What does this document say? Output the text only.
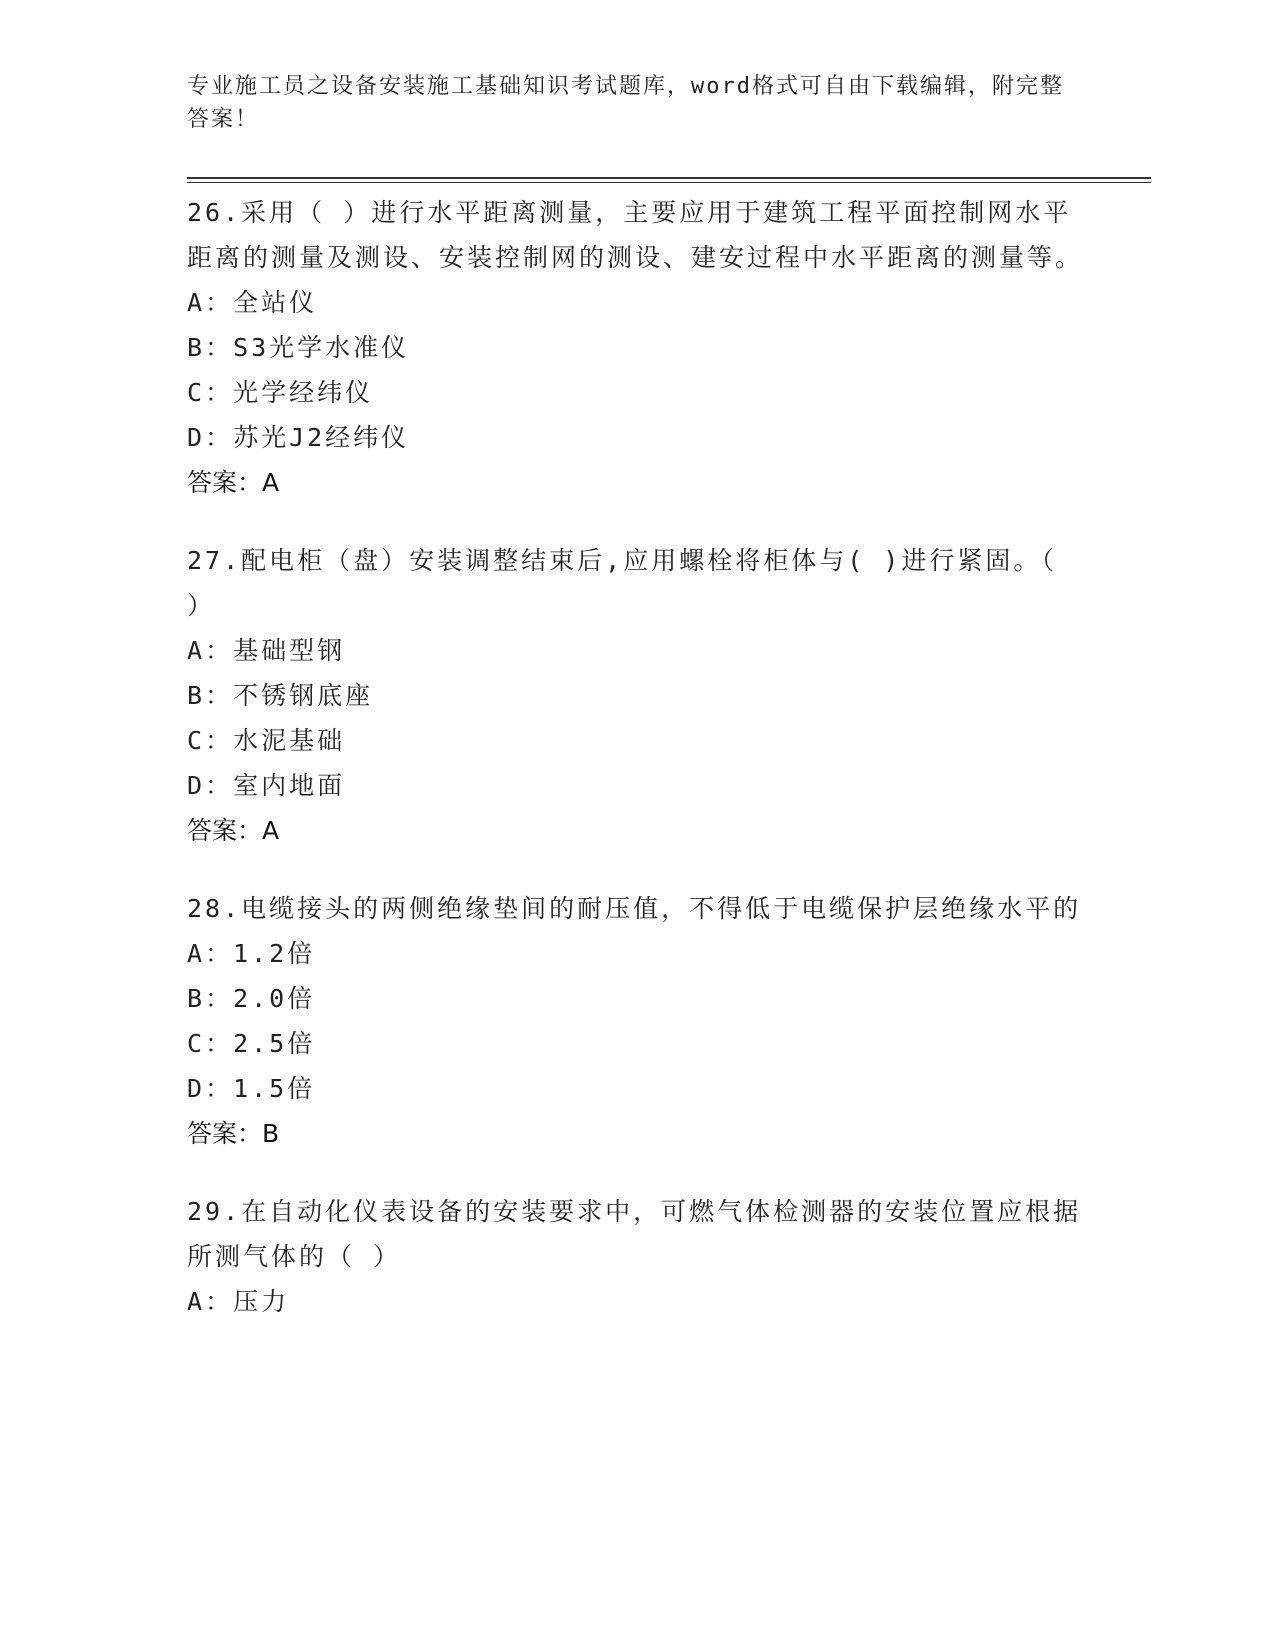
专业施工员之设备安装施工基础知识考试题库，word格式可自由下载编辑，附完整答案！
26.采用（ ）进行水平距离测量，主要应用于建筑工程平面控制网水平距离的测量及测设、安装控制网的测设、建安过程中水平距离的测量等。
A：全站仪
B：S3光学水准仪
C：光学经纬仪
D：苏光J2经纬仪
答案：A
27.配电柜（盘）安装调整结束后,应用螺栓将柜体与( )进行紧固。（ ）
A：基础型钢
B：不锈钢底座
C：水泥基础
D：室内地面
答案：A
28.电缆接头的两侧绝缘垫间的耐压值，不得低于电缆保护层绝缘水平的
A：1.2倍
B：2.0倍
C：2.5倍
D：1.5倍
答案：B
29.在自动化仪表设备的安装要求中，可燃气体检测器的安装位置应根据所测气体的（ ）
A：压力
